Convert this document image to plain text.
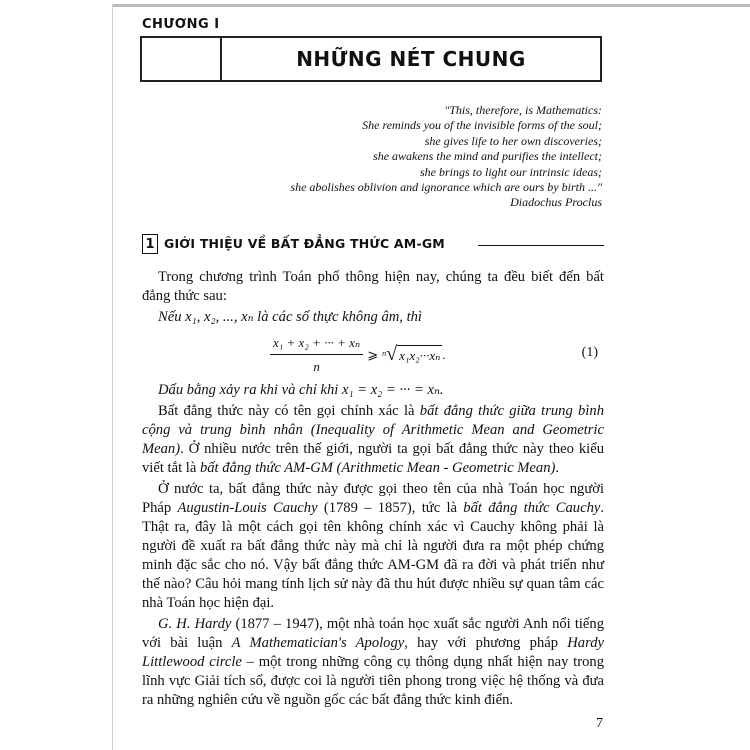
CHƯƠNG I
NHỮNG NÉT CHUNG
"This, therefore, is Mathematics:
She reminds you of the invisible forms of the soul;
she gives life to her own discoveries;
she awakens the mind and purifies the intellect;
she brings to light our intrinsic ideas;
she abolishes oblivion and ignorance which are ours by birth ..."
Diadochus Proclus
1 GIỚI THIỆU VỀ BẤT ĐẲNG THỨC AM-GM

Trong chương trình Toán phổ thông hiện nay, chúng ta đều biết đến bất đẳng thức sau:

Nếu x₁, x₂, ..., xₙ là các số thực không âm, thì
$\frac{\text{x₁ + x₂ + ··· + xₙ}}{n}$ ⩾ n √ x₁x₂···xₙ .	(1)
Dấu bằng xảy ra khi và chỉ khi x₁ = x₂ = ··· = xₙ.

Bất đẳng thức này có tên gọi chính xác là bất đẳng thức giữa trung bình cộng và trung bình nhân (Inequality of Arithmetic Mean and Geometric Mean). Ở nhiều nước trên thế giới, người ta gọi bất đẳng thức này theo kiểu viết tắt là bất đẳng thức AM-GM (Arithmetic Mean - Geometric Mean).

Ở nước ta, bất đẳng thức này được gọi theo tên của nhà Toán học người Pháp Augustin-Louis Cauchy (1789 – 1857), tức là bất đẳng thức Cauchy. Thật ra, đây là một cách gọi tên không chính xác vì Cauchy không phải là người đề xuất ra bất đẳng thức này mà chỉ là người đưa ra một phép chứng minh đặc sắc cho nó. Vậy bất đẳng thức AM-GM đã ra đời và phát triển như thế nào? Câu hỏi mang tính lịch sử này đã thu hút được nhiều sự quan tâm các nhà Toán học hiện đại.

G. H. Hardy (1877 – 1947), một nhà toán học xuất sắc người Anh nổi tiếng với bài luận A Mathematician's Apology, hay với phương pháp Hardy Littlewood circle – một trong những công cụ thông dụng nhất hiện nay trong lĩnh vực Giải tích số, được coi là người tiên phong trong việc hệ thống và đưa ra những nghiên cứu về nguồn gốc các bất đẳng thức kinh điển.

7
